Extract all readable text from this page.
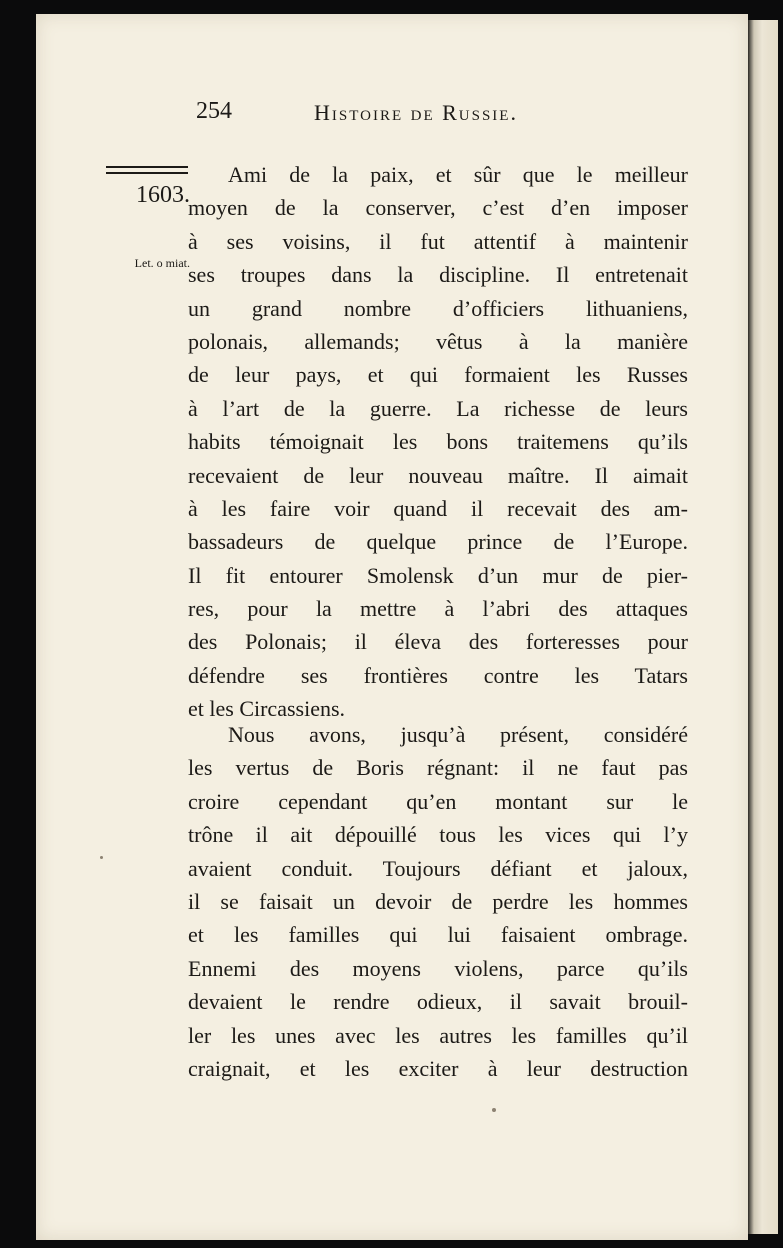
254	Histoire de Russie.
1603.
Let. o miat.
Ami de la paix, et sûr que le meilleur
moyen de la conserver, c’est d’en imposer
à ses voisins, il fut attentif à maintenir
ses troupes dans la discipline. Il entretenait
un grand nombre d’officiers lithuaniens,
polonais, allemands; vêtus à la manière
de leur pays, et qui formaient les Russes
à l’art de la guerre. La richesse de leurs
habits témoignait les bons traitemens qu’ils
recevaient de leur nouveau maître. Il aimait
à les faire voir quand il recevait des am-
bassadeurs de quelque prince de l’Europe.
Il fit entourer Smolensk d’un mur de pier-
res, pour la mettre à l’abri des attaques
des Polonais; il éleva des forteresses pour
défendre ses frontières contre les Tatars
et les Circassiens.
Nous avons, jusqu’à présent, considéré
les vertus de Boris régnant: il ne faut pas
croire cependant qu’en montant sur le
trône il ait dépouillé tous les vices qui l’y
avaient conduit. Toujours défiant et jaloux,
il se faisait un devoir de perdre les hommes
et les familles qui lui faisaient ombrage.
Ennemi des moyens violens, parce qu’ils
devaient le rendre odieux, il savait brouil-
ler les unes avec les autres les familles qu’il
craignait, et les exciter à leur destruction
